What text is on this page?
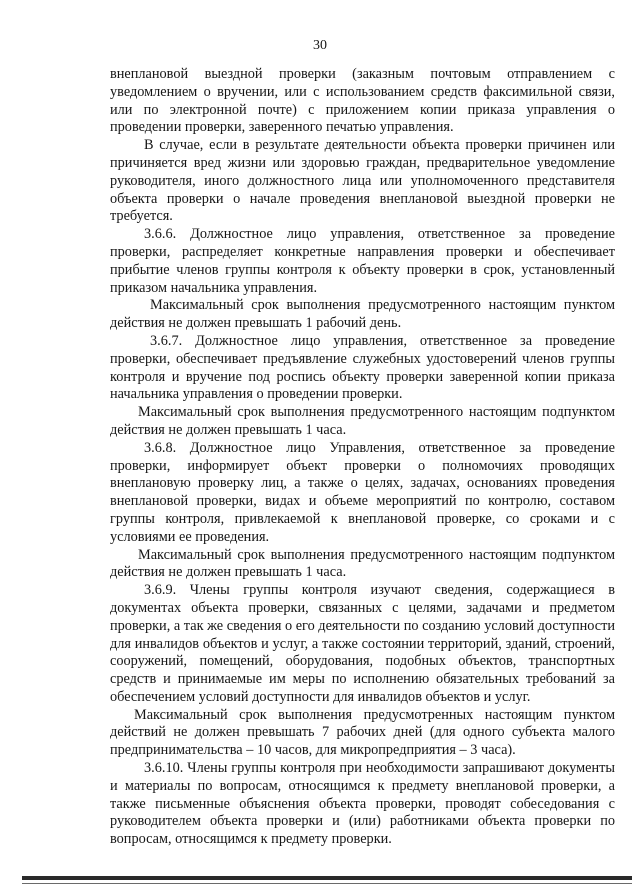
30

внеплановой выездной проверки (заказным почтовым отправлением с уведомлением о вручении, или с использованием средств факсимильной связи, или по электронной почте) с приложением копии приказа управления о проведении проверки, заверенного печатью управления.

В случае, если в результате деятельности объекта проверки причинен или причиняется вред жизни или здоровью граждан, предварительное уведомление руководителя, иного должностного лица или уполномоченного представителя объекта проверки о начале проведения внеплановой выездной проверки не требуется.

3.6.6. Должностное лицо управления, ответственное за проведение проверки, распределяет конкретные направления проверки и обеспечивает прибытие членов группы контроля к объекту проверки в срок, установленный приказом начальника управления.

Максимальный срок выполнения предусмотренного настоящим пунктом действия не должен превышать 1 рабочий день.

3.6.7. Должностное лицо управления, ответственное за проведение проверки, обеспечивает предъявление служебных удостоверений членов группы контроля и вручение под роспись объекту проверки заверенной копии приказа начальника управления о проведении проверки.

Максимальный срок выполнения предусмотренного настоящим подпунктом действия не должен превышать 1 часа.

3.6.8. Должностное лицо Управления, ответственное за проведение проверки, информирует объект проверки о полномочиях проводящих внеплановую проверку лиц, а также о целях, задачах, основаниях проведения внеплановой проверки, видах и объеме мероприятий по контролю, составом группы контроля, привлекаемой к внеплановой проверке, со сроками и с условиями ее проведения.

Максимальный срок выполнения предусмотренного настоящим подпунктом действия не должен превышать 1 часа.

3.6.9. Члены группы контроля изучают сведения, содержащиеся в документах объекта проверки, связанных с целями, задачами и предметом проверки, а так же сведения о его деятельности по созданию условий доступности для инвалидов объектов и услуг, а также состоянии территорий, зданий, строений, сооружений, помещений, оборудования, подобных объектов, транспортных средств и принимаемые им меры по исполнению обязательных требований за обеспечением условий доступности для инвалидов объектов и услуг.

Максимальный срок выполнения предусмотренных настоящим пунктом действий не должен превышать 7 рабочих дней (для одного субъекта малого предпринимательства – 10 часов, для микропредприятия – 3 часа).

3.6.10. Члены группы контроля при необходимости запрашивают документы и материалы по вопросам, относящимся к предмету внеплановой проверки, а также письменные объяснения объекта проверки, проводят собеседования с руководителем объекта проверки и (или) работниками объекта проверки по вопросам, относящимся к предмету проверки.
